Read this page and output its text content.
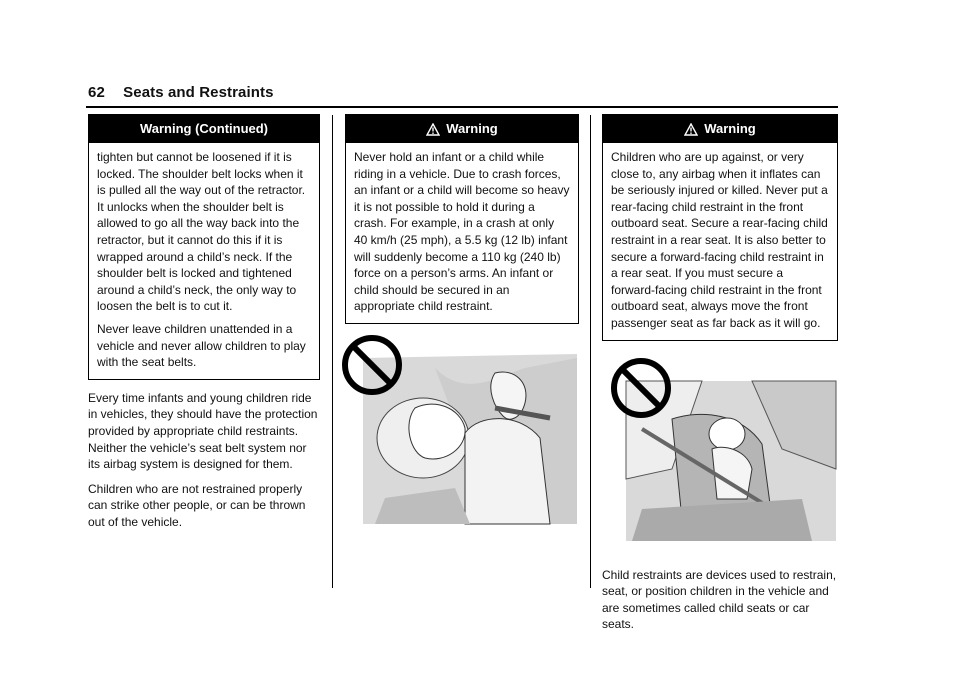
62 Seats and Restraints
Warning (Continued)

tighten but cannot be loosened if it is locked. The shoulder belt locks when it is pulled all the way out of the retractor. It unlocks when the shoulder belt is allowed to go all the way back into the retractor, but it cannot do this if it is wrapped around a child’s neck. If the shoulder belt is locked and tightened around a child’s neck, the only way to loosen the belt is to cut it.

Never leave children unattended in a vehicle and never allow children to play with the seat belts.

Every time infants and young children ride in vehicles, they should have the protection provided by appropriate child restraints. Neither the vehicle’s seat belt system nor its airbag system is designed for them.

Children who are not restrained properly can strike other people, or can be thrown out of the vehicle.

Warning

Never hold an infant or a child while riding in a vehicle. Due to crash forces, an infant or a child will become so heavy it is not possible to hold it during a crash. For example, in a crash at only 40 km/h (25 mph), a 5.5 kg (12 lb) infant will suddenly become a 110 kg (240 lb) force on a person’s arms. An infant or child should be secured in an appropriate child restraint.

Warning

Children who are up against, or very close to, any airbag when it inflates can be seriously injured or killed. Never put a rear-facing child restraint in the front outboard seat. Secure a rear-facing child restraint in a rear seat. It is also better to secure a forward-facing child restraint in a rear seat. If you must secure a forward-facing child restraint in the front outboard seat, always move the front passenger seat as far back as it will go.

Child restraints are devices used to restrain, seat, or position children in the vehicle and are sometimes called child seats or car seats.
